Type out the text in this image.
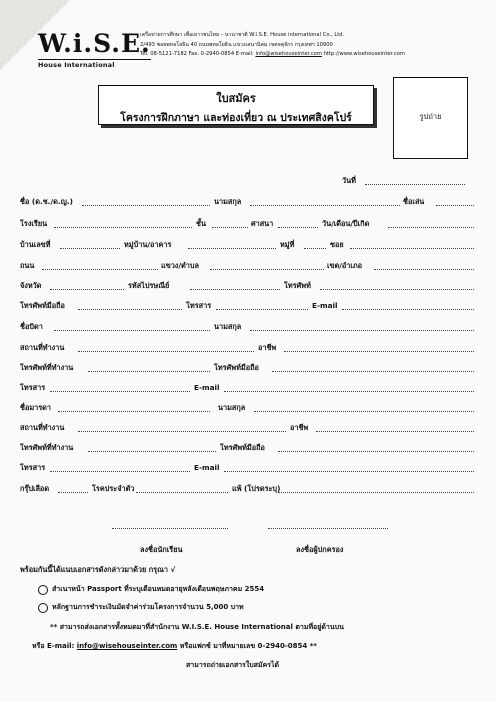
W.i.S.E.
House International
เครือข่ายการศึกษา เพื่อเยาวชนไทย – นานาชาติ W.I.S.E. House international Co., Ltd.
2/493 ซอยพหลโยธิน 40 ถนนพหลโยธิน แขวงเสนานิคม เขตจตุจักร กรุงเทพฯ 10900
Tel. 08-5121-7182 Fax. 0-2940-0854 E-mail: info@wisehouseinter.com http://www.wisehouseinter.com
ใบสมัคร
โครงการฝึกภาษา และท่องเที่ยว ณ ประเทศสิงคโปร์	รูปถ่าย
วันที่
ชื่อ (ด.ช./ด.ญ.)	นามสกุล	ชื่อเล่น
โรงเรียน	ชั้น	ศาสนา	วัน/เดือน/ปีเกิด
บ้านเลขที่	หมู่บ้าน/อาคาร	หมู่ที่	ซอย
ถนน	แขวง/ตำบล	เขต/อำเภอ
จังหวัด	รหัสไปรษณีย์	โทรศัพท์
โทรศัพท์มือถือ	โทรสาร	E-mail
ชื่อบิดา	นามสกุล
สถานที่ทำงาน	อาชีพ
โทรศัพท์ที่ทำงาน	โทรศัพท์มือถือ
โทรสาร	E-mail
ชื่อมารดา	นามสกุล
สถานที่ทำงาน	อาชีพ
โทรศัพท์ที่ทำงาน	โทรศัพท์มือถือ
โทรสาร	E-mail
กรุ๊ปเลือด	โรคประจำตัว	แพ้ (โปรดระบุ)
ลงชื่อนักเรียน	ลงชื่อผู้ปกครอง
พร้อมกันนี้ได้แนบเอกสารดังกล่าวมาด้วย กรุณา √
สำเนาหน้า Passport ที่ระบุเดือนหมดอายุหลังเดือนพฤษภาคม 2554
หลักฐานการชำระเงินมัดจำค่าร่วมโครงการจำนวน 5,000 บาท
** สามารถส่งเอกสารทั้งหมดมาที่สำนักงาน W.I.S.E. House International ตามที่อยู่ด้านบน
หรือ E-mail: info@wisehouseinter.com หรือแฟกซ์ มาที่หมายเลข 0-2940-0854 **
สามารถถ่ายเอกสารใบสมัครได้
